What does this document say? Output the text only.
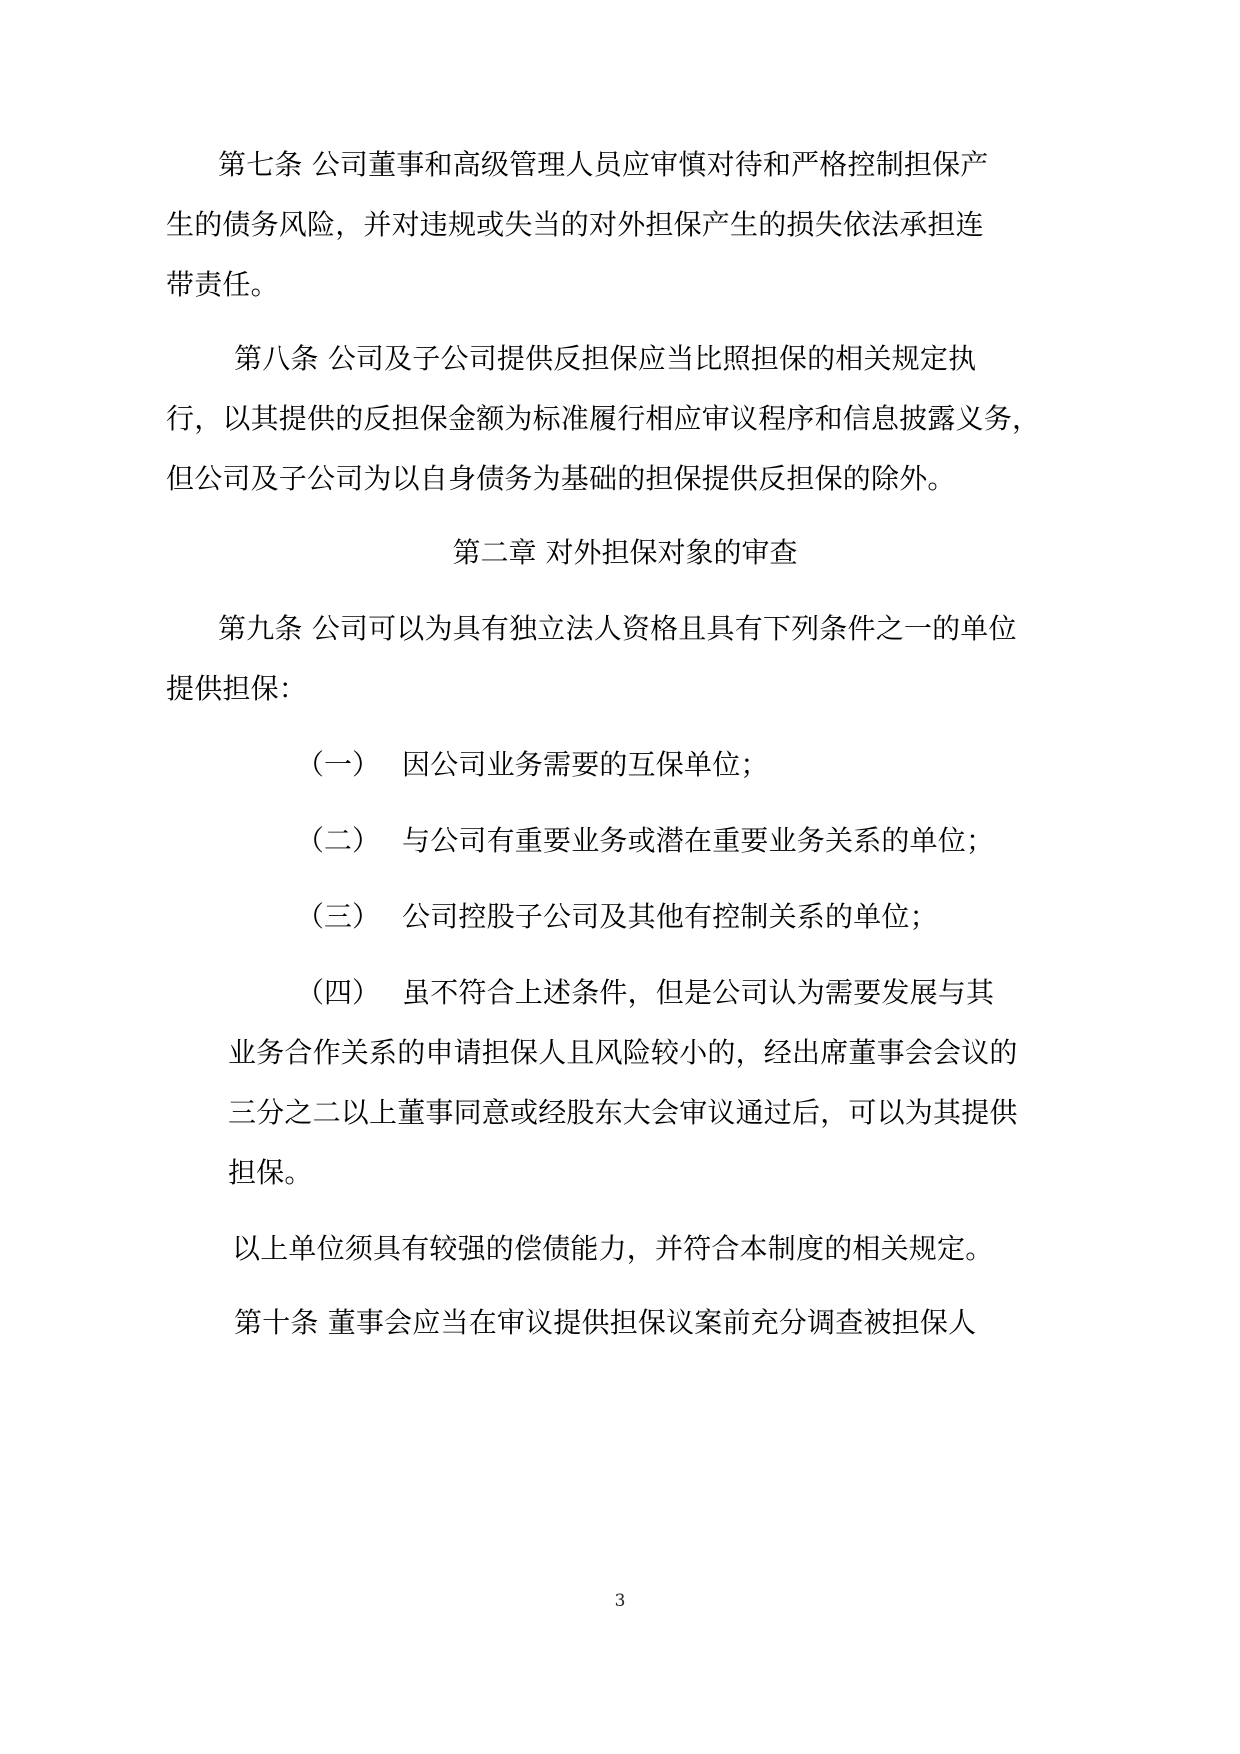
第七条 公司董事和高级管理人员应审慎对待和严格控制担保产
生的债务风险，并对违规或失当的对外担保产生的损失依法承担连
带责任。
第八条 公司及子公司提供反担保应当比照担保的相关规定执
行，以其提供的反担保金额为标准履行相应审议程序和信息披露义务，
但公司及子公司为以自身债务为基础的担保提供反担保的除外。
第二章 对外担保对象的审查
第九条 公司可以为具有独立法人资格且具有下列条件之一的单位
提供担保：
（一） 因公司业务需要的互保单位；
（二） 与公司有重要业务或潜在重要业务关系的单位；
（三） 公司控股子公司及其他有控制关系的单位；
（四） 虽不符合上述条件，但是公司认为需要发展与其
业务合作关系的申请担保人且风险较小的，经出席董事会会议的
三分之二以上董事同意或经股东大会审议通过后，可以为其提供
担保。
以上单位须具有较强的偿债能力，并符合本制度的相关规定。
第十条 董事会应当在审议提供担保议案前充分调查被担保人
3
